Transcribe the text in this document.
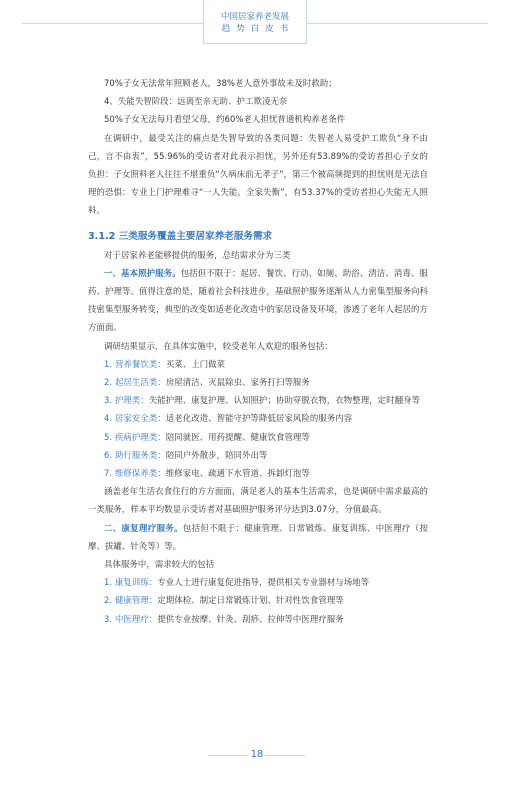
中国居家养老发展
趋势白皮书

70%子女无法常年照顾老人，38%老人意外事故未及时救助；

4、失能失智阶段：远离至亲无助、护工欺凌无奈

50%子女无法每月看望父母，约60%老人担忧普通机构养老条件

在调研中，最受关注的痛点是失智导致的各类问题：失智老人易受护工欺负“身不由己，言不由衷”，55.96%的受访者对此表示担忧，另外还有53.89%的受访者担心子女的负担：子女照料老人往往不堪重负“久病床前无孝子”，第三个被高频提到的担忧则是无法自理的恐惧：专业上门护理难寻“一人失能，全家失衡”，有53.37%的受访者担心失能无人照料。

3.1.2 三类服务覆盖主要居家养老服务需求

对于居家养老能够提供的服务，总结需求分为三类

一、基本照护服务。包括但不限于：起居、餐饮、行动、如厕、助浴、清洁、消毒、服药、护理等。值得注意的是，随着社会科技进步，基础照护服务逐渐从人力密集型服务向科技密集型服务转变，典型的改变如适老化改造中的家居设备及环境，渗透了老年人起居的方方面面。

调研结果显示，在具体实施中，较受老年人欢迎的服务包括：

1. 营养餐饮类：买菜、上门做菜

2. 起居生活类：房屋清洁、灭鼠除虫、家务打扫等服务

3. 护理类：失能护理、康复护理、认知照护；协助穿脱衣物，衣物整理，定时翻身等

4. 居家安全类：适老化改造、智能守护等降低居家风险的服务内容

5. 疾病护理类：陪同就医、用药提醒、健康饮食管理等

6. 助行服务类：陪同户外散步，陪同外出等

7. 维修保养类：维修家电、疏通下水管道、拆卸灯泡等

涵盖老年生活衣食住行的方方面面，满足老人的基本生活需求，也是调研中需求最高的一类服务，样本平均数显示受访者对基础照护服务评分达到3.07分，分值最高。

二、康复理疗服务。包括但不限于：健康管理、日常锻炼、康复训练、中医理疗（按摩、拔罐、针灸等）等。

具体服务中，需求较大的包括

1. 康复训练：专业人士进行康复促进指导，提供相关专业器材与场地等

2. 健康管理：定期体检、制定日常锻炼计划、针对性饮食管理等

3. 中医理疗：提供专业按摩、针灸、刮痧、拉伸等中医理疗服务

18
